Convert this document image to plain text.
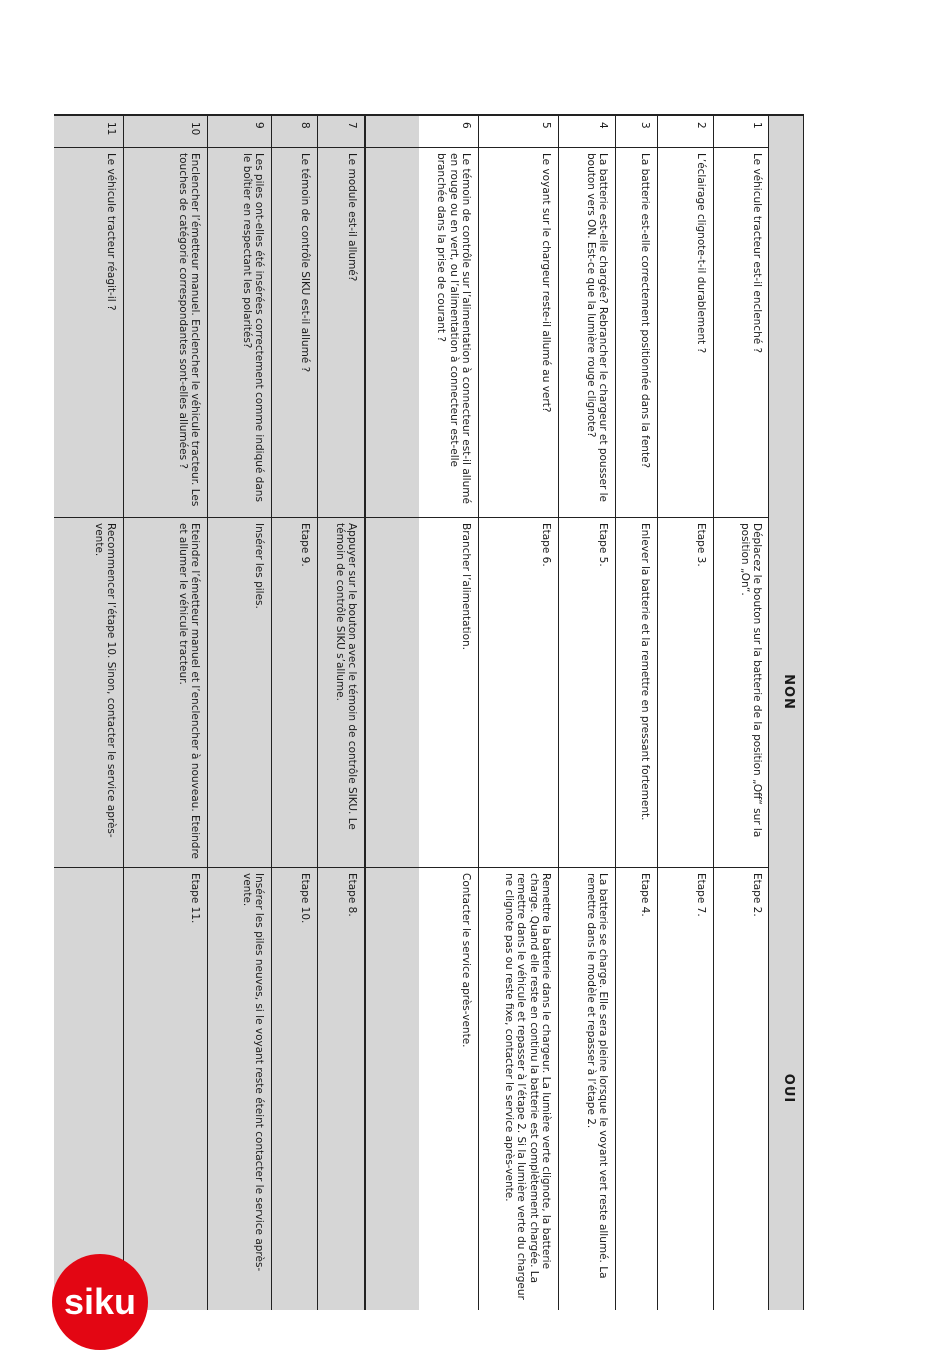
NON
OUI
1
Le véhicule tracteur est-il enclenché ?
Déplacez le bouton sur la batterie de la position „Off“ sur la position „On“.
Etape 2.
2
L’éclairage clignote-t-il durablement ?
Etape 3.
Etape 7.
3
La batterie est-elle correctement positionnée dans la fente?
Enlever la batterie et la remettre en pressant fortement.
Etape 4.
4
La batterie est-elle chargée? Rebrancher le chargeur et pousser le bouton vers ON. Est-ce que la lumière rouge clignote?
Etape 5.
La batterie se charge. Elle sera pleine lorsque le voyant vert reste allumé. La remettre dans le modèle et repasser à l’étape 2.
5
Le voyant sur le chargeur reste-il allumé au vert?
Etape 6.
Remettre la batterie dans le chargeur. La lumière verte clignote, la batterie charge. Quand elle reste en continu la batterie est complètement chargée. La remettre dans le véhicule et repasser à l’étape 2. Si la lumière verte du chargeur ne clignote pas ou reste fixe, contacter le service après-vente.
6
Le témoin de contrôle sur l’alimentation à connecteur est-il allumé en rouge ou en vert, ou l’alimentation à connecteur est-elle branchée dans la prise de courant ?
Brancher l’alimentation.
Contacter le service après-vente.
7
Le module est-il allumé?
Appuyer sur le bouton avec le témoin de contrôle SIKU. Le témoin de contrôle SIKU s’allume.
Etape 8.
8
Le témoin de contrôle SIKU est-il allumé ?
Etape 9.
Etape 10.
9
Les piles ont-elles été insérées correctement comme indiqué dans le boîtier en respectant les polarités?
Insérer les piles.
Insérer les piles neuves, si le voyant reste éteint contacter le service après-vente.
10
Enclencher l’émetteur manuel. Enclencher le véhicule tracteur. Les touches de catégorie correspondantes sont-elles allumées ?
Eteindre l’émetteur manuel et l’enclencher à nouveau. Eteindre et allumer le véhicule tracteur.
Etape 11.
11
Le véhicule tracteur réagit-il ?
Recommencer l’étape 10. Sinon, contacter le service après-vente.
siku
